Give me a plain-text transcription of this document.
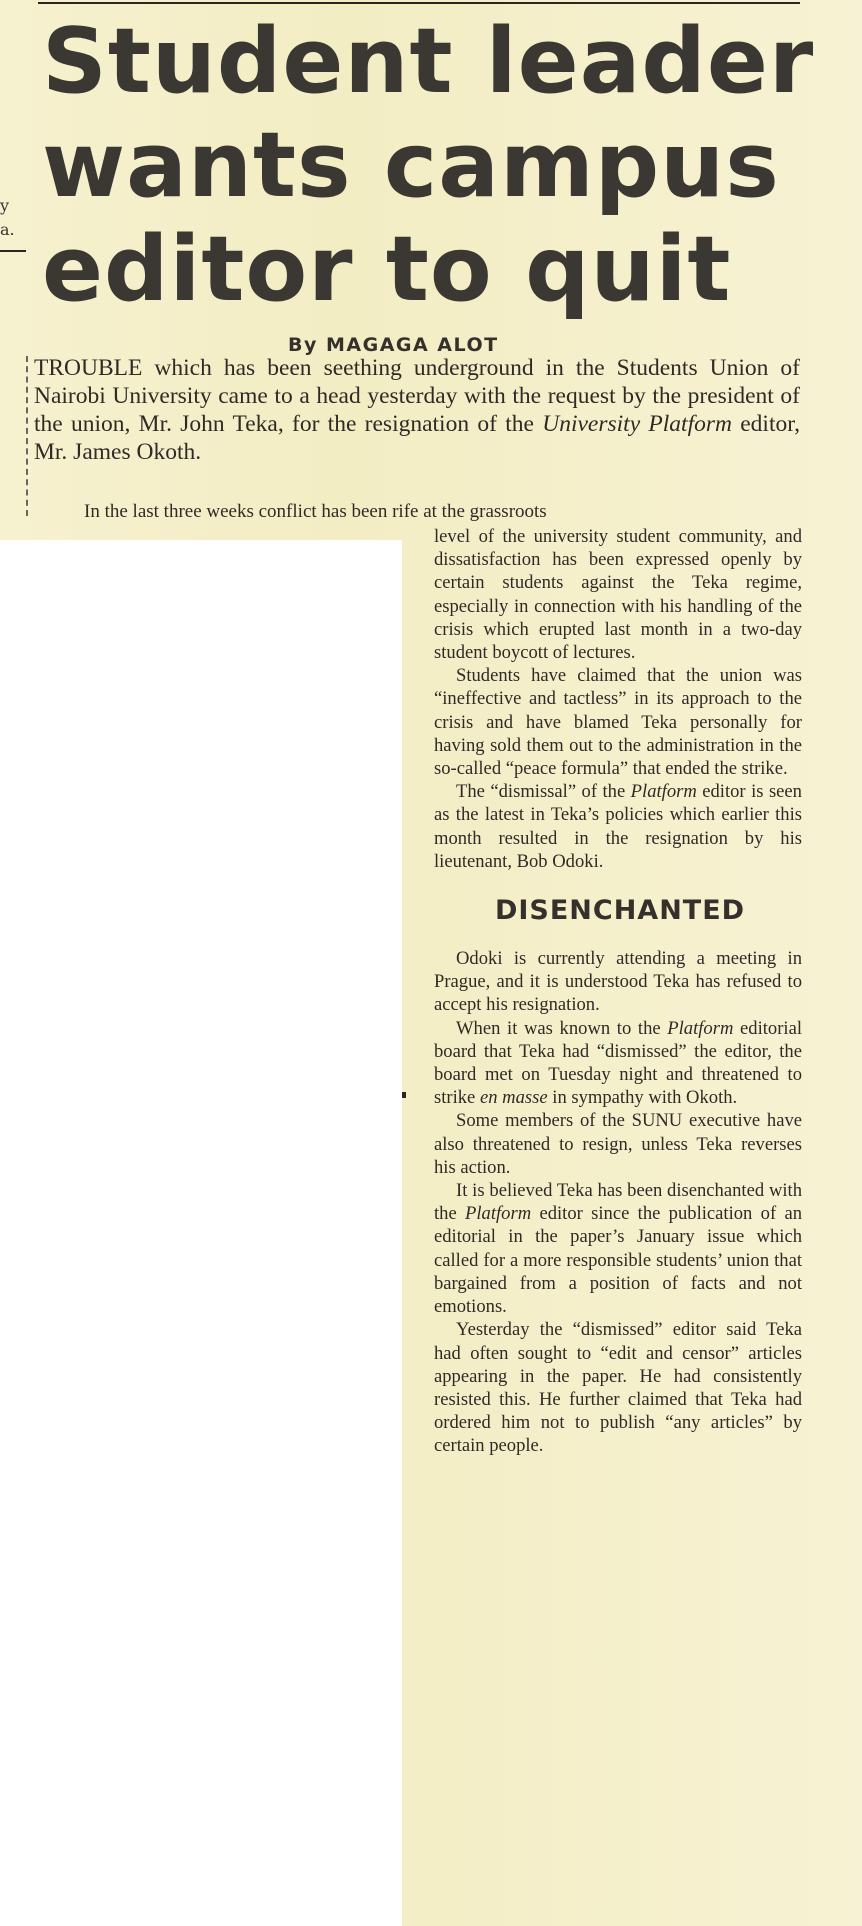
y
a.
Student leader
wants campus
editor to quit
By MAGAGA ALOT

TROUBLE which has been seething underground in the Students Union of Nairobi University came to a head yesterday with the request by the president of the union, Mr. John Teka, for the resignation of the University Platform editor, Mr. James Okoth.

In the last three weeks conflict has been rife at the grassroots

level of the university student community, and dissatisfaction has been expressed openly by certain students against the Teka regime, especially in connection with his handling of the crisis which erupted last month in a two-day student boycott of lectures.

Students have claimed that the union was “ineffective and tactless” in its approach to the crisis and have blamed Teka personally for having sold them out to the administration in the so-called “peace formula” that ended the strike.

The “dismissal” of the Platform editor is seen as the latest in Teka’s policies which earlier this month resulted in the resignation by his lieutenant, Bob Odoki.

DISENCHANTED

Odoki is currently attending a meeting in Prague, and it is understood Teka has refused to accept his resignation.

When it was known to the Platform editorial board that Teka had “dismissed” the editor, the board met on Tuesday night and threatened to strike en masse in sympathy with Okoth.

Some members of the SUNU executive have also threatened to resign, unless Teka reverses his action.

It is believed Teka has been disenchanted with the Platform editor since the publication of an editorial in the paper’s January issue which called for a more responsible students’ union that bargained from a position of facts and not emotions.

Yesterday the “dismissed” editor said Teka had often sought to “edit and censor” articles appearing in the paper. He had consistently resisted this. He further claimed that Teka had ordered him not to publish “any articles” by certain people.
